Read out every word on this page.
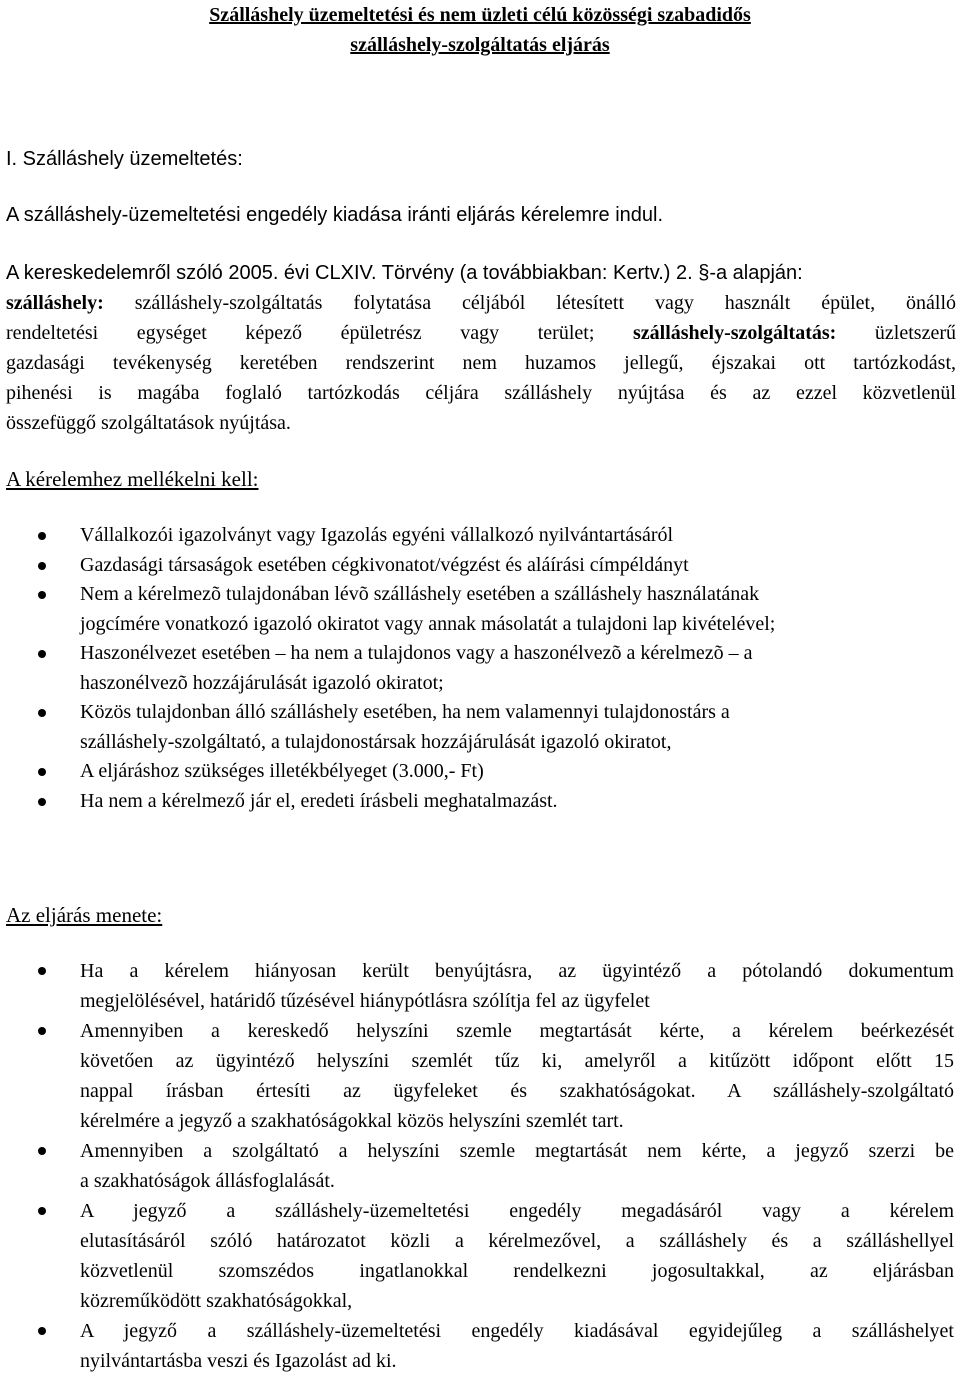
Szálláshely üzemeltetési és nem üzleti célú közösségi szabadidős
szálláshely-szolgáltatás eljárás
I. Szálláshely üzemeltetés:
A szálláshely-üzemeltetési engedély kiadása iránti eljárás kérelemre indul.
A kereskedelemről szóló 2005. évi CLXIV. Törvény (a továbbiakban: Kertv.) 2. §-a alapján:
szálláshely: szálláshely-szolgáltatás folytatása céljából létesített vagy használt épület, önálló
rendeltetési egységet képező épületrész vagy terület; szálláshely-szolgáltatás: üzletszerű
gazdasági tevékenység keretében rendszerint nem huzamos jellegű, éjszakai ott tartózkodást,
pihenési is magába foglaló tartózkodás céljára szálláshely nyújtása és az ezzel közvetlenül
összefüggő szolgáltatások nyújtása.
A kérelemhez mellékelni kell:
Vállalkozói igazolványt vagy Igazolás egyéni vállalkozó nyilvántartásáról
Gazdasági társaságok esetében cégkivonatot/végzést és aláírási címpéldányt
Nem a kérelmezõ tulajdonában lévõ szálláshely esetében a szálláshely használatának
jogcímére vonatkozó igazoló okiratot vagy annak másolatát a tulajdoni lap kivételével;
Haszonélvezet esetében – ha nem a tulajdonos vagy a haszonélvezõ a kérelmezõ – a
haszonélvezõ hozzájárulását igazoló okiratot;
Közös tulajdonban álló szálláshely esetében, ha nem valamennyi tulajdonostárs a
szálláshely-szolgáltató, a tulajdonostársak hozzájárulását igazoló okiratot,
A eljáráshoz szükséges illetékbélyeget (3.000,- Ft)
Ha nem a kérelmező jár el, eredeti írásbeli meghatalmazást.
Az eljárás menete:
Ha a kérelem hiányosan került benyújtásra, az ügyintéző a pótolandó dokumentum
megjelölésével, határidő tűzésével hiánypótlásra szólítja fel az ügyfelet
Amennyiben a kereskedő helyszíni szemle megtartását kérte, a kérelem beérkezését
követően az ügyintéző helyszíni szemlét tűz ki, amelyről a kitűzött időpont előtt 15
nappal írásban értesíti az ügyfeleket és szakhatóságokat. A szálláshely-szolgáltató
kérelmére a jegyző a szakhatóságokkal közös helyszíni szemlét tart.
Amennyiben a szolgáltató a helyszíni szemle megtartását nem kérte, a jegyző szerzi be
a szakhatóságok állásfoglalását.
A jegyző a szálláshely-üzemeltetési engedély megadásáról vagy a kérelem
elutasításáról szóló határozatot közli a kérelmezővel, a szálláshely és a szálláshellyel
közvetlenül szomszédos ingatlanokkal rendelkezni jogosultakkal, az eljárásban
közreműködött szakhatóságokkal,
A jegyző a szálláshely-üzemeltetési engedély kiadásával egyidejűleg a szálláshelyet
nyilvántartásba veszi és Igazolást ad ki.
